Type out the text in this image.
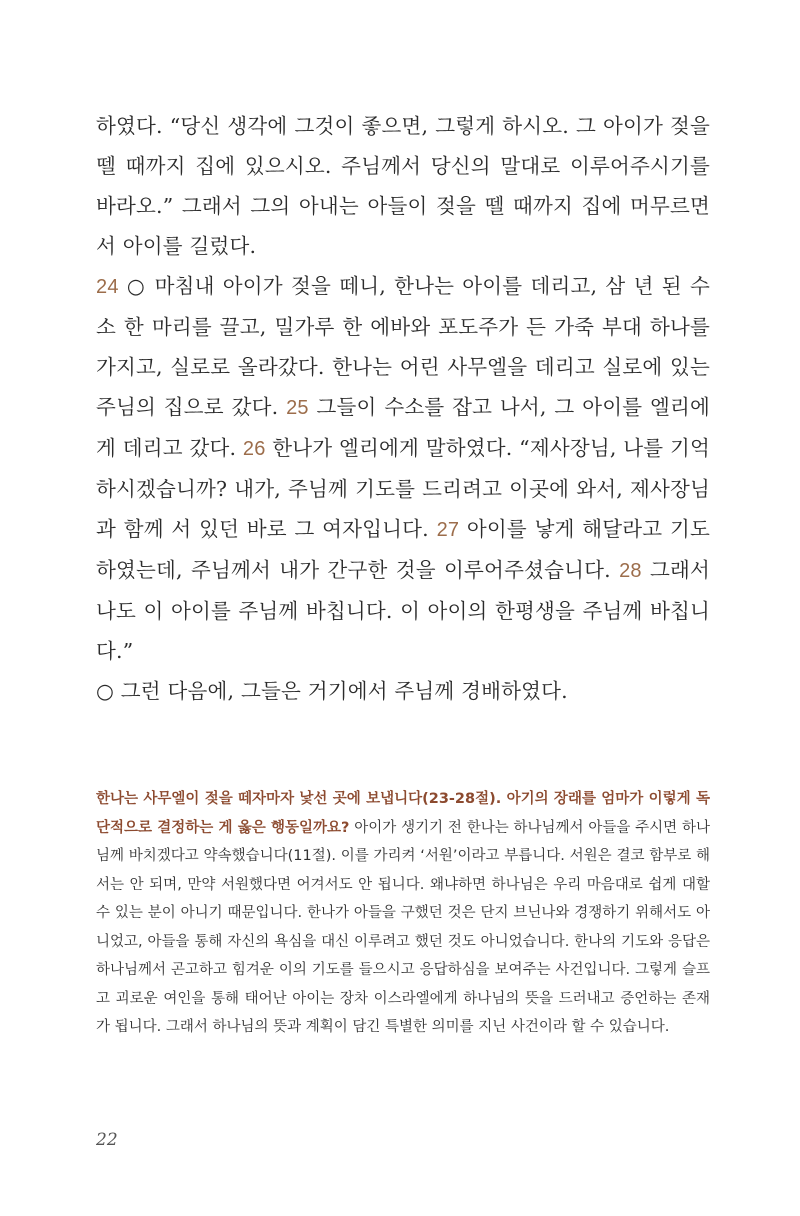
하였다. “당신 생각에 그것이 좋으면, 그렇게 하시오. 그 아이가 젖을 뗄 때까지 집에 있으시오. 주님께서 당신의 말대로 이루어주시기를 바라오.” 그래서 그의 아내는 아들이 젖을 뗄 때까지 집에 머무르면서 아이를 길렀다.

24 ○ 마침내 아이가 젖을 떼니, 한나는 아이를 데리고, 삼 년 된 수소 한 마리를 끌고, 밀가루 한 에바와 포도주가 든 가죽 부대 하나를 가지고, 실로로 올라갔다. 한나는 어린 사무엘을 데리고 실로에 있는 주님의 집으로 갔다. 25 그들이 수소를 잡고 나서, 그 아이를 엘리에게 데리고 갔다. 26 한나가 엘리에게 말하였다. “제사장님, 나를 기억하시겠습니까? 내가, 주님께 기도를 드리려고 이곳에 와서, 제사장님과 함께 서 있던 바로 그 여자입니다. 27 아이를 낳게 해달라고 기도하였는데, 주님께서 내가 간구한 것을 이루어주셨습니다. 28 그래서 나도 이 아이를 주님께 바칩니다. 이 아이의 한평생을 주님께 바칩니다.”

○ 그런 다음에, 그들은 거기에서 주님께 경배하였다.

한나는 사무엘이 젖을 떼자마자 낯선 곳에 보냅니다(23-28절). 아기의 장래를 엄마가 이렇게 독단적으로 결정하는 게 옳은 행동일까요? 아이가 생기기 전 한나는 하나님께서 아들을 주시면 하나님께 바치겠다고 약속했습니다(11절). 이를 가리켜 ‘서원’이라고 부릅니다. 서원은 결코 함부로 해서는 안 되며, 만약 서원했다면 어겨서도 안 됩니다. 왜냐하면 하나님은 우리 마음대로 쉽게 대할 수 있는 분이 아니기 때문입니다. 한나가 아들을 구했던 것은 단지 브닌나와 경쟁하기 위해서도 아니었고, 아들을 통해 자신의 욕심을 대신 이루려고 했던 것도 아니었습니다. 한나의 기도와 응답은 하나님께서 곤고하고 힘겨운 이의 기도를 들으시고 응답하심을 보여주는 사건입니다. 그렇게 슬프고 괴로운 여인을 통해 태어난 아이는 장차 이스라엘에게 하나님의 뜻을 드러내고 증언하는 존재가 됩니다. 그래서 하나님의 뜻과 계획이 담긴 특별한 의미를 지닌 사건이라 할 수 있습니다.

22
